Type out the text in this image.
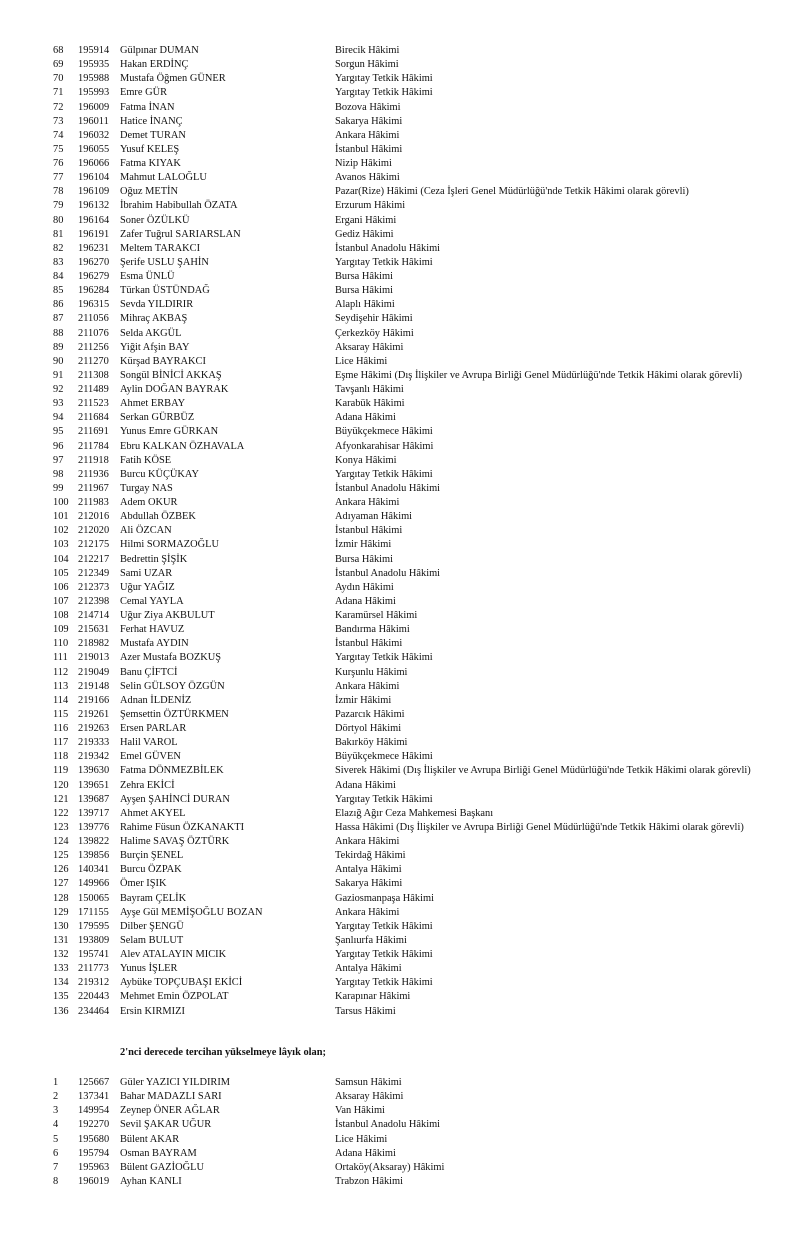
68 195914 Gülpınar DUMAN	Birecik Hâkimi
69 195935 Hakan ERDİNÇ	Sorgun Hâkimi
70 195988 Mustafa Öğmen GÜNER	Yargıtay Tetkik Hâkimi
71 195993 Emre GÜR	Yargıtay Tetkik Hâkimi
72 196009 Fatma İNAN	Bozova Hâkimi
73 196011 Hatice İNANÇ	Sakarya Hâkimi
74 196032 Demet TURAN	Ankara Hâkimi
75 196055 Yusuf KELEŞ	İstanbul Hâkimi
76 196066 Fatma KIYAK	Nizip Hâkimi
77 196104 Mahmut LALOĞLU	Avanos Hâkimi
78 196109 Oğuz METİN	Pazar(Rize) Hâkimi (Ceza İşleri Genel Müdürlüğü'nde Tetkik Hâkimi olarak görevli)
79 196132 İbrahim Habibullah ÖZATA	Erzurum Hâkimi
80 196164 Soner ÖZÜLKÜ	Ergani Hâkimi
81 196191 Zafer Tuğrul SARIARSLAN	Gediz Hâkimi
82 196231 Meltem TARAKCI	İstanbul Anadolu Hâkimi
83 196270 Şerife USLU ŞAHİN	Yargıtay Tetkik Hâkimi
84 196279 Esma ÜNLÜ	Bursa Hâkimi
85 196284 Türkan ÜSTÜNDAĞ	Bursa Hâkimi
86 196315 Sevda YILDIRIR	Alaplı Hâkimi
87 211056 Mihraç AKBAŞ	Seydişehir Hâkimi
88 211076 Selda AKGÜL	Çerkezköy Hâkimi
89 211256 Yiğit Afşin BAY	Aksaray Hâkimi
90 211270 Kürşad BAYRAKCI	Lice Hâkimi
91 211308 Songül BİNİCİ AKKAŞ	Eşme Hâkimi (Dış İlişkiler ve Avrupa Birliği Genel Müdürlüğü'nde Tetkik Hâkimi olarak görevli)
92 211489 Aylin DOĞAN BAYRAK	Tavşanlı Hâkimi
93 211523 Ahmet ERBAY	Karabük Hâkimi
94 211684 Serkan GÜRBÜZ	Adana Hâkimi
95 211691 Yunus Emre GÜRKAN	Büyükçekmece Hâkimi
96 211784 Ebru KALKAN ÖZHAVALA	Afyonkarahisar Hâkimi
97 211918 Fatih KÖSE	Konya Hâkimi
98 211936 Burcu KÜÇÜKAY	Yargıtay Tetkik Hâkimi
99 211967 Turgay NAS	İstanbul Anadolu Hâkimi
100 211983 Adem OKUR	Ankara Hâkimi
101 212016 Abdullah ÖZBEK	Adıyaman Hâkimi
102 212020 Ali ÖZCAN	İstanbul Hâkimi
103 212175 Hilmi SORMAZOĞLU	İzmir Hâkimi
104 212217 Bedrettin ŞİŞİK	Bursa Hâkimi
105 212349 Sami UZAR	İstanbul Anadolu Hâkimi
106 212373 Uğur YAĞIZ	Aydın Hâkimi
107 212398 Cemal YAYLA	Adana Hâkimi
108 214714 Uğur Ziya AKBULUT	Karamürsel Hâkimi
109 215631 Ferhat HAVUZ	Bandırma Hâkimi
110 218982 Mustafa AYDIN	İstanbul Hâkimi
111 219013 Azer Mustafa BOZKUŞ	Yargıtay Tetkik Hâkimi
112 219049 Banu ÇİFTCİ	Kurşunlu Hâkimi
113 219148 Selin GÜLSOY ÖZGÜN	Ankara Hâkimi
114 219166 Adnan İLDENİZ	İzmir Hâkimi
115 219261 Şemsettin ÖZTÜRKMEN	Pazarcık Hâkimi
116 219263 Ersen PARLAR	Dörtyol Hâkimi
117 219333 Halil VAROL	Bakırköy Hâkimi
118 219342 Emel GÜVEN	Büyükçekmece Hâkimi
119 139630 Fatma DÖNMEZBİLEK	Siverek Hâkimi (Dış İlişkiler ve Avrupa Birliği Genel Müdürlüğü'nde Tetkik Hâkimi olarak görevli)
120 139651 Zehra EKİCİ	Adana Hâkimi
121 139687 Ayşen ŞAHİNCİ DURAN	Yargıtay Tetkik Hâkimi
122 139717 Ahmet AKYEL	Elazığ Ağır Ceza Mahkemesi Başkanı
123 139776 Rahime Füsun ÖZKANAKTI	Hassa Hâkimi (Dış İlişkiler ve Avrupa Birliği Genel Müdürlüğü'nde Tetkik Hâkimi olarak görevli)
124 139822 Halime SAVAŞ ÖZTÜRK	Ankara Hâkimi
125 139856 Burçin ŞENEL	Tekirdağ Hâkimi
126 140341 Burcu ÖZPAK	Antalya Hâkimi
127 149966 Ömer IŞIK	Sakarya Hâkimi
128 150065 Bayram ÇELİK	Gaziosmanpaşa Hâkimi
129 171155 Ayşe Gül MEMİŞOĞLU BOZAN	Ankara Hâkimi
130 179595 Dilber ŞENGÜ	Yargıtay Tetkik Hâkimi
131 193809 Selam BULUT	Şanlıurfa Hâkimi
132 195741 Alev ATALAYIN MICIK	Yargıtay Tetkik Hâkimi
133 211773 Yunus İŞLER	Antalya Hâkimi
134 219312 Aybüke TOPÇUBAŞI EKİCİ	Yargıtay Tetkik Hâkimi
135 220443 Mehmet Emin ÖZPOLAT	Karapınar Hâkimi
136 234464 Ersin KIRMIZI	Tarsus Hâkimi
2'nci derecede tercihan yükselmeye lâyık olan;
1 125667 Güler YAZICI YILDIRIM	Samsun Hâkimi
2 137341 Bahar MADAZLI SARI	Aksaray Hâkimi
3 149954 Zeynep ÖNER AĞLAR	Van Hâkimi
4 192270 Sevil ŞAKAR UĞUR	İstanbul Anadolu Hâkimi
5 195680 Bülent AKAR	Lice Hâkimi
6 195794 Osman BAYRAM	Adana Hâkimi
7 195963 Bülent GAZİOĞLU	Ortaköy(Aksaray) Hâkimi
8 196019 Ayhan KANLI	Trabzon Hâkimi
